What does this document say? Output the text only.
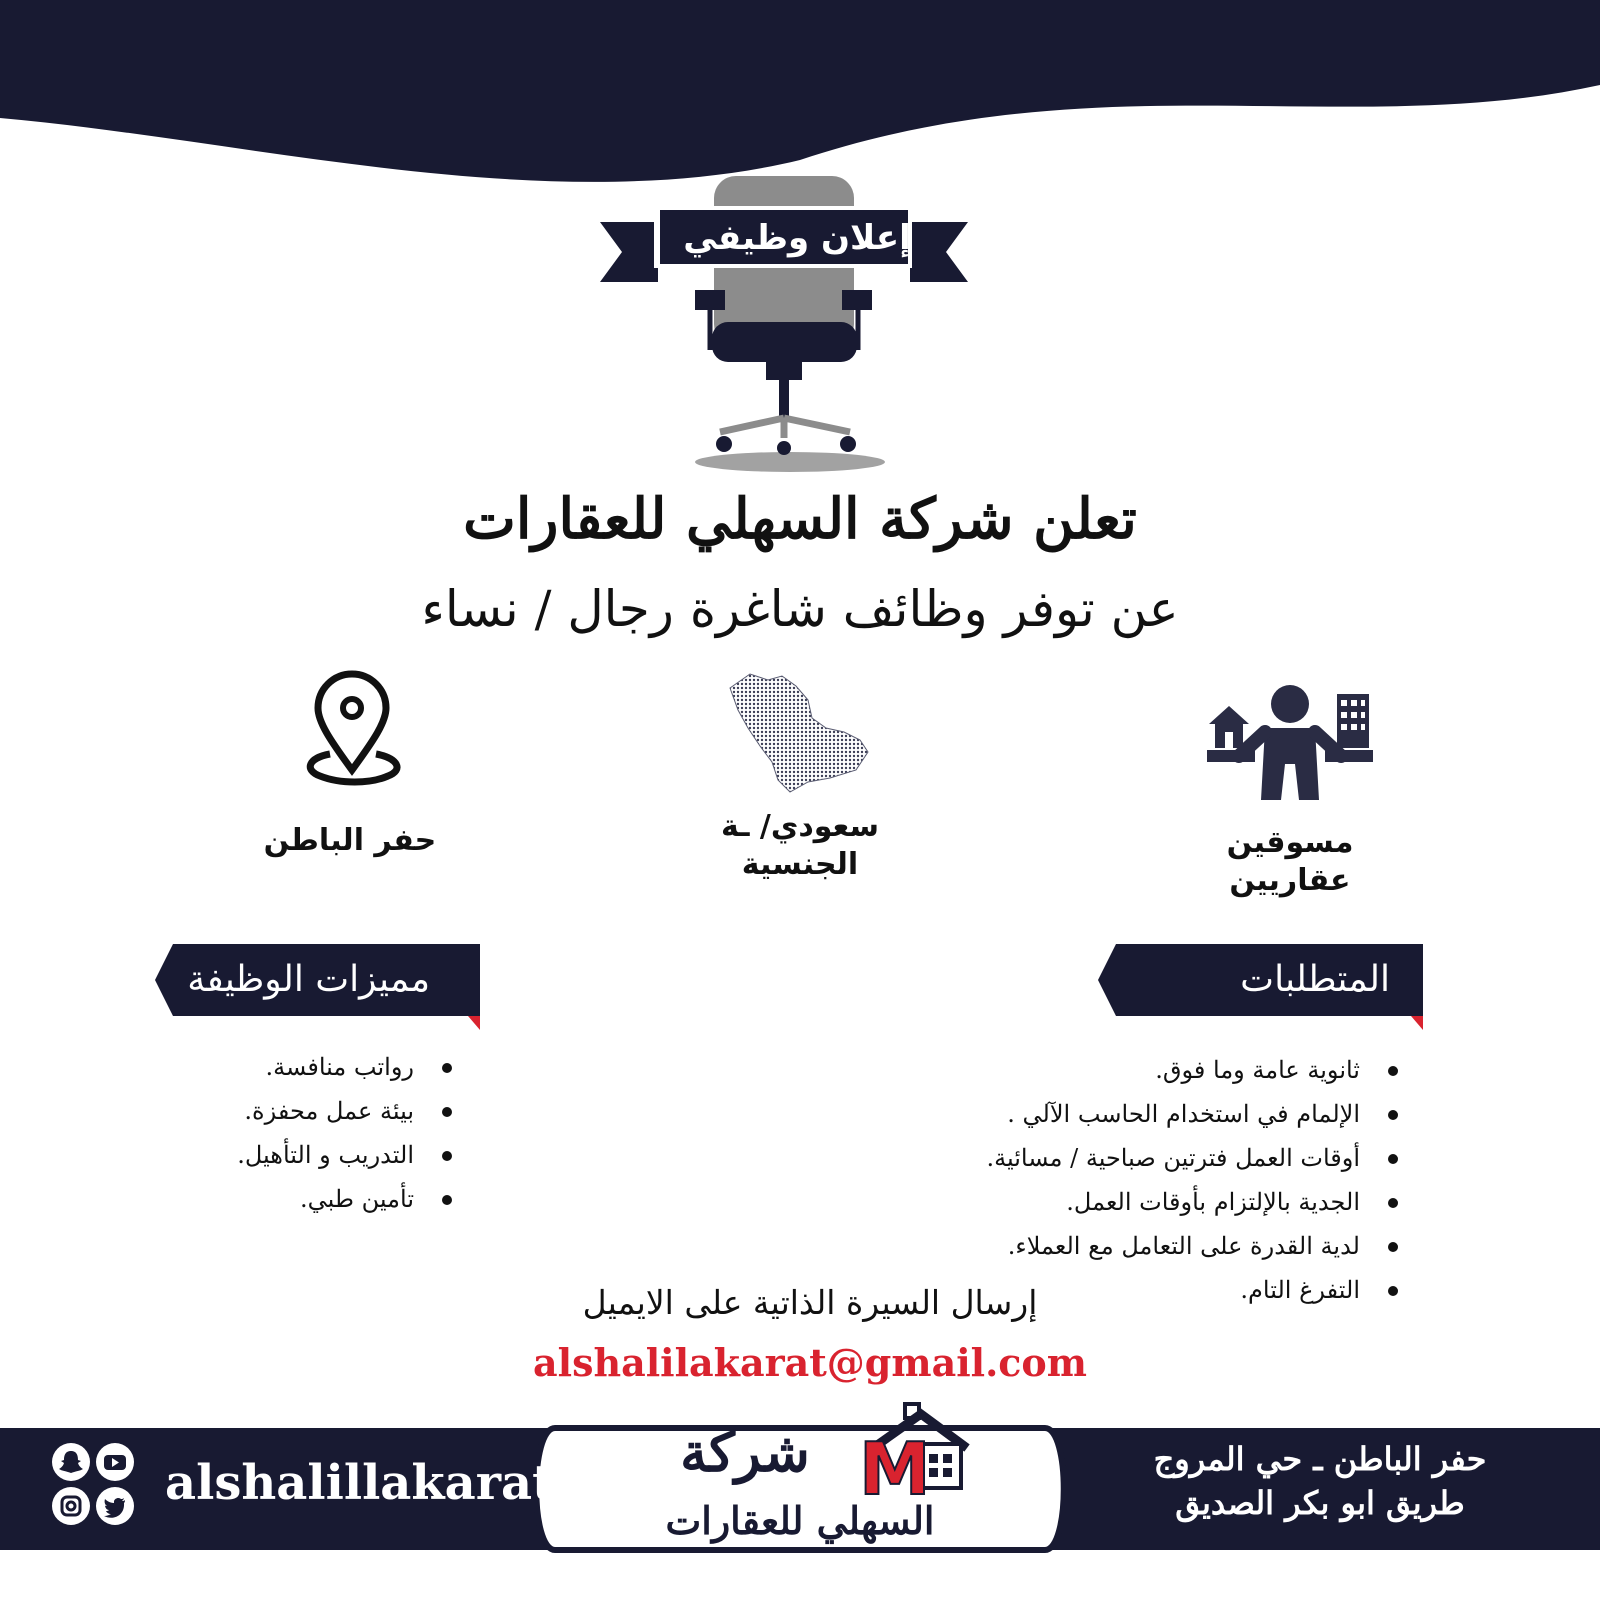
إعلان وظيفي
تعلن شركة السهلي للعقارات
عن توفر وظائف شاغرة رجال / نساء
حفر الباطن	سعودي/ ـة
الجنسية
مسوقين
عقاريين
مميزات الوظيفة	المتطلبات
رواتب منافسة.
بيئة عمل محفزة.
التدريب و التأهيل.
تأمين طبي.
ثانوية عامة وما فوق.
الإلمام في استخدام الحاسب الآلي .
أوقات العمل فترتين صباحية / مسائية.
الجدية بالإلتزام بأوقات العمل.
لدية القدرة على التعامل مع العملاء.
التفرغ التام.
إرسال السيرة الذاتية على الايميل
alshalilakarat@gmail.com
alshalillakarat	شركة
السهلي للعقارات
M	حفر الباطن ـ حي المروج
طريق ابو بكر الصديق
